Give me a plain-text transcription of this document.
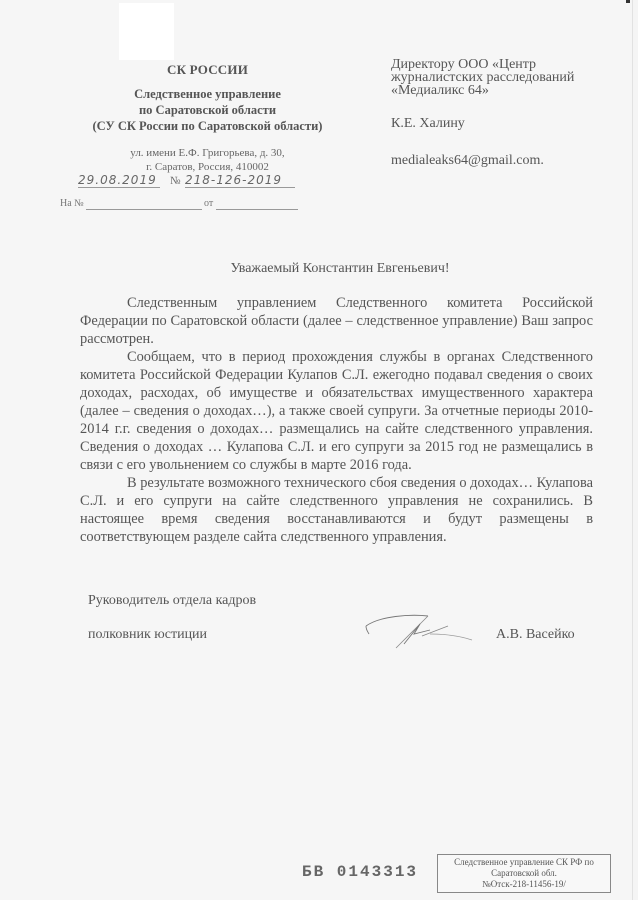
СК РОССИИ
Следственное управление
по Саратовской области
(СУ СК России по Саратовской области)
ул. имени Е.Ф. Григорьева, д. 30,
г. Саратов, Россия, 410002
29.08.2019 № 218-126-2019
На №	от
Директору ООО «Центр
журналистских расследований
«Медиаликс 64»
К.Е. Халину
medialeaks64@gmail.com.
Уважаемый Константин Евгеньевич!

Следственным управлением Следственного комитета Российской Федерации по Саратовской области (далее – следственное управление) Ваш запрос рассмотрен.

Сообщаем, что в период прохождения службы в органах Следственного комитета Российской Федерации Кулапов С.Л. ежегодно подавал сведения о своих доходах, расходах, об имуществе и обязательствах имущественного характера (далее – сведения о доходах…), а также своей супруги. За отчетные периоды 2010-2014 г.г. сведения о доходах… размещались на сайте следственного управления. Сведения о доходах … Кулапова С.Л. и его супруги за 2015 год не размещались в связи с его увольнением со службы в марте 2016 года.

В результате возможного технического сбоя сведения о доходах… Кулапова С.Л. и его супруги на сайте следственного управления не сохранились. В настоящее время сведения восстанавливаются и будут размещены в соответствующем разделе сайта следственного управления.

Руководитель отдела кадров
полковник юстиции	А.В. Васейко
БВ 0143313
Следственное управление СК РФ по
Саратовской обл.
№Отск-218-11456-19/
